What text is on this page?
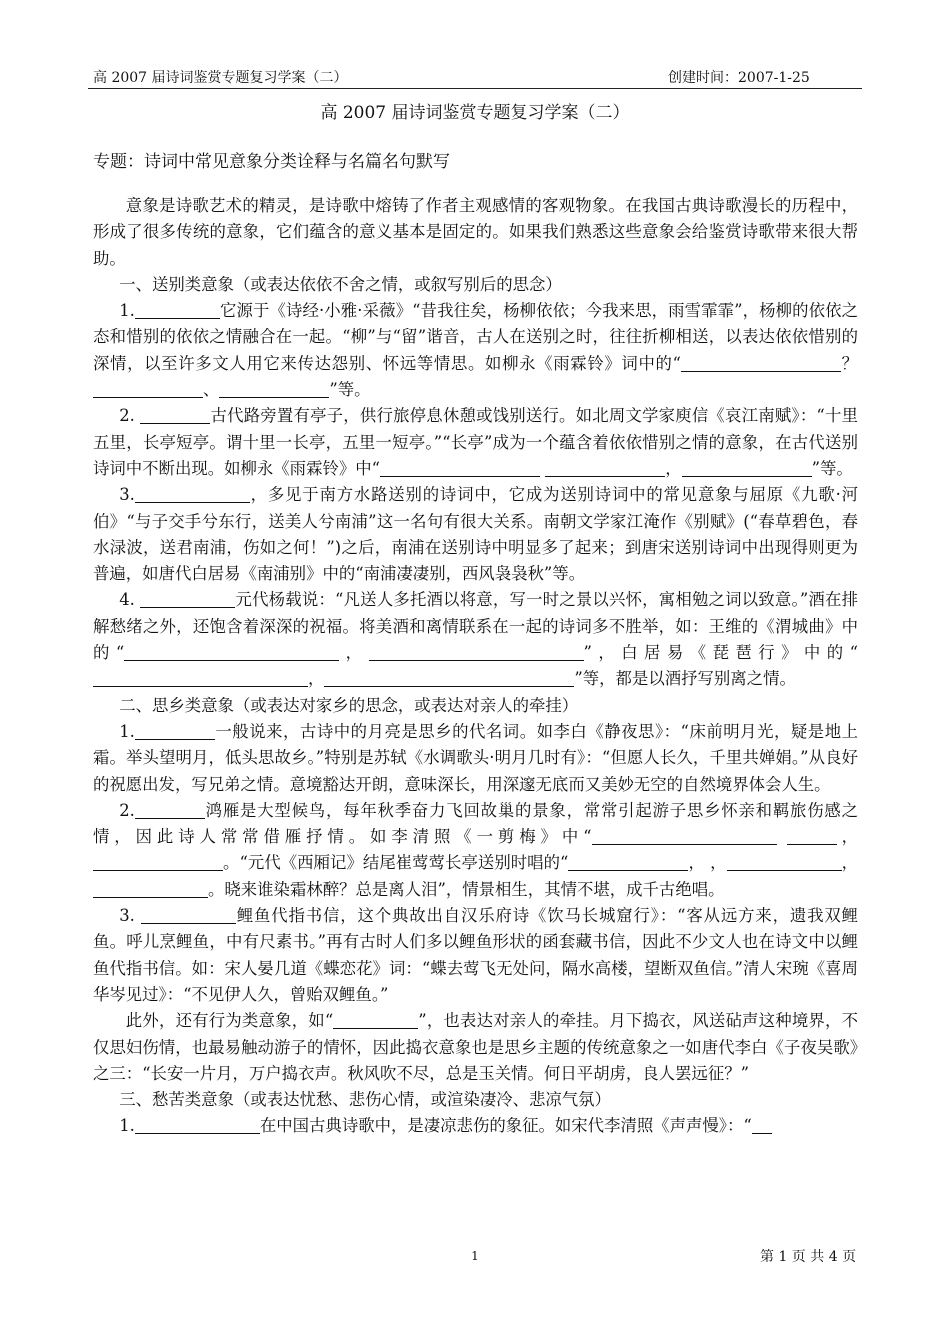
高 2007 届诗词鉴赏专题复习学案（二）	创建时间：2007-1-25
高 2007 届诗词鉴赏专题复习学案（二）
专题：诗词中常见意象分类诠释与名篇名句默写

意象是诗歌艺术的精灵，是诗歌中熔铸了作者主观感情的客观物象。在我国古典诗歌漫长的历程中，形成了很多传统的意象，它们蕴含的意义基本是固定的。如果我们熟悉这些意象会给鉴赏诗歌带来很大帮助。

一、送别类意象（或表达依依不舍之情，或叙写别后的思念）

1.	它源于《诗经·小雅·采薇》“昔我往矣，杨柳依依；今我来思，雨雪霏霏”，杨柳的依依之态和惜别的依依之情融合在一起。“柳”与“留”谐音，古人在送别之时，往往折柳相送，以表达依依惜别的深情，以至许多文人用它来传达怨别、怀远等情思。如柳永《雨霖铃》词中的“	？、	”等。

2.	古代路旁置有亭子，供行旅停息休憩或饯别送行。如北周文学家庾信《哀江南赋》：“十里五里，长亭短亭。谓十里一长亭，五里一短亭。”“长亭”成为一个蕴含着依依惜别之情的意象，在古代送别诗词中不断出现。如柳永《雨霖铃》中“	，	”等。

3.	，多见于南方水路送别的诗词中，它成为送别诗词中的常见意象与屈原《九歌·河伯》“与子交手兮东行，送美人兮南浦”这一名句有很大关系。南朝文学家江淹作《别赋》(“春草碧色，春水渌波，送君南浦，伤如之何！”)之后，南浦在送别诗中明显多了起来；到唐宋送别诗词中出现得则更为普遍，如唐代白居易《南浦别》中的“南浦凄凄别，西风袅袅秋”等。

4.	元代杨载说：“凡送人多托酒以将意，写一时之景以兴怀，寓相勉之词以致意。”酒在排解愁绪之外，还饱含着深深的祝福。将美酒和离情联系在一起的诗词多不胜举，如：王维的《渭城曲》中的“	，	”，白居易《琵琶行》中的“，	”等，都是以酒抒写别离之情。

二、思乡类意象（或表达对家乡的思念，或表达对亲人的牵挂）

1.	一般说来，古诗中的月亮是思乡的代名词。如李白《静夜思》：“床前明月光，疑是地上霜。举头望明月，低头思故乡。”特别是苏轼《水调歌头·明月几时有》：“但愿人长久，千里共婵娟。”从良好的祝愿出发，写兄弟之情。意境豁达开朗，意味深长，用深邃无底而又美妙无空的自然境界体会人生。

2.	鸿雁是大型候鸟，每年秋季奋力飞回故巢的景象，常常引起游子思乡怀亲和羁旅伤感之情，因此诗人常常借雁抒情。如李清照《一剪梅》中“	，。“元代《西厢记》结尾崔莺莺长亭送别时唱的“	， ，	，。晓来谁染霜林醉？总是离人泪”，情景相生，其情不堪，成千古绝唱。

3.	鲤鱼代指书信，这个典故出自汉乐府诗《饮马长城窟行》：“客从远方来，遗我双鲤鱼。呼儿烹鲤鱼，中有尺素书。”再有古时人们多以鲤鱼形状的函套藏书信，因此不少文人也在诗文中以鲤鱼代指书信。如：宋人晏几道《蝶恋花》词：“蝶去莺飞无处问，隔水高楼，望断双鱼信。”清人宋琬《喜周华岑见过》：“不见伊人久，曾贻双鲤鱼。”

此外，还有行为类意象，如“	”，也表达对亲人的牵挂。月下捣衣，风送砧声这种境界，不仅思妇伤情，也最易触动游子的情怀，因此捣衣意象也是思乡主题的传统意象之一如唐代李白《子夜吴歌》之三：“长安一片月，万户捣衣声。秋风吹不尽，总是玉关情。何日平胡虏，良人罢远征？”

三、愁苦类意象（或表达忧愁、悲伤心情，或渲染凄冷、悲凉气氛）

1.	在中国古典诗歌中，是凄凉悲伤的象征。如宋代李清照《声声慢》：“

1	第 1 页 共 4 页
